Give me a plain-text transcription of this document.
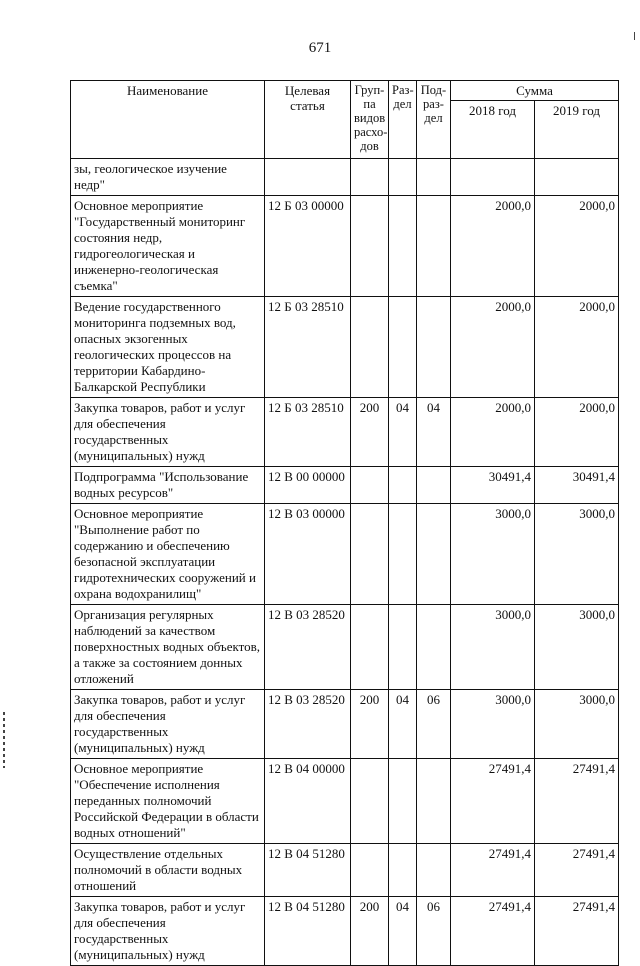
671
Наименование	Целевая статья	Груп-па видов расхо-дов	Раз-дел	Под-раз-дел	Сумма	
					2018 год	2019 год
зы, геологическое изучение недр"						
Основное мероприятие "Государственный мониторинг состояния недр, гидрогеологическая и инженерно-геологическая съемка"	12 Б 03 00000				2000,0	2000,0
Ведение государственного мониторинга подземных вод, опасных экзогенных геологических процессов на территории Кабардино-Балкарской Республики	12 Б 03 28510				2000,0	2000,0
Закупка товаров, работ и услуг для обеспечения государственных (муниципальных) нужд	12 Б 03 28510	200	04	04	2000,0	2000,0
Подпрограмма "Использование водных ресурсов"	12 В 00 00000				30491,4	30491,4
Основное мероприятие "Выполнение работ по содержанию и обеспечению безопасной эксплуатации гидротехнических сооружений и охрана водохранилищ"	12 В 03 00000				3000,0	3000,0
Организация регулярных наблюдений за качеством поверхностных водных объектов, а также за состоянием донных отложений	12 В 03 28520				3000,0	3000,0
Закупка товаров, работ и услуг для обеспечения государственных (муниципальных) нужд	12 В 03 28520	200	04	06	3000,0	3000,0
Основное мероприятие "Обеспечение исполнения переданных полномочий Российской Федерации в области водных отношений"	12 В 04 00000				27491,4	27491,4
Осуществление отдельных полномочий в области водных отношений	12 В 04 51280				27491,4	27491,4
Закупка товаров, работ и услуг для обеспечения государственных (муниципальных) нужд	12 В 04 51280	200	04	06	27491,4	27491,4
